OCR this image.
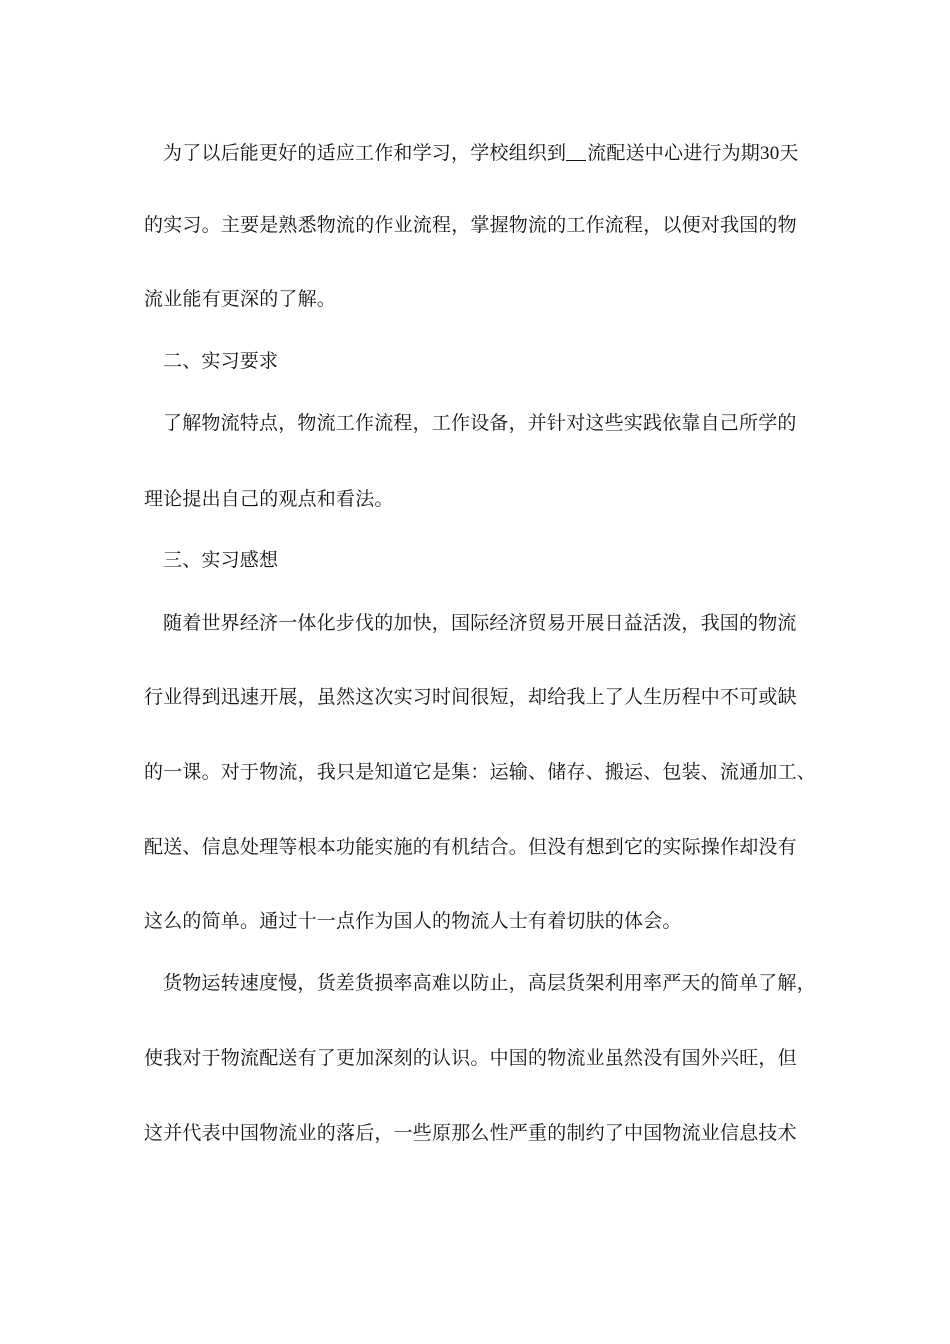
为了以后能更好的适应工作和学习，学校组织到 流配送中心进行为期30天
的实习。主要是熟悉物流的作业流程，掌握物流的工作流程，以便对我国的物
流业能有更深的了解。
二、实习要求
了解物流特点，物流工作流程，工作设备，并针对这些实践依靠自己所学的
理论提出自己的观点和看法。
三、实习感想
随着世界经济一体化步伐的加快，国际经济贸易开展日益活泼，我国的物流
行业得到迅速开展，虽然这次实习时间很短，却给我上了人生历程中不可或缺
的一课。对于物流，我只是知道它是集：运输、储存、搬运、包装、流通加工、
配送、信息处理等根本功能实施的有机结合。但没有想到它的实际操作却没有
这么的简单。通过十一点作为国人的物流人士有着切肤的体会。
货物运转速度慢，货差货损率高难以防止，高层货架利用率严天的简单了解，
使我对于物流配送有了更加深刻的认识。中国的物流业虽然没有国外兴旺，但
这并代表中国物流业的落后，一些原那么性严重的制约了中国物流业信息技术
